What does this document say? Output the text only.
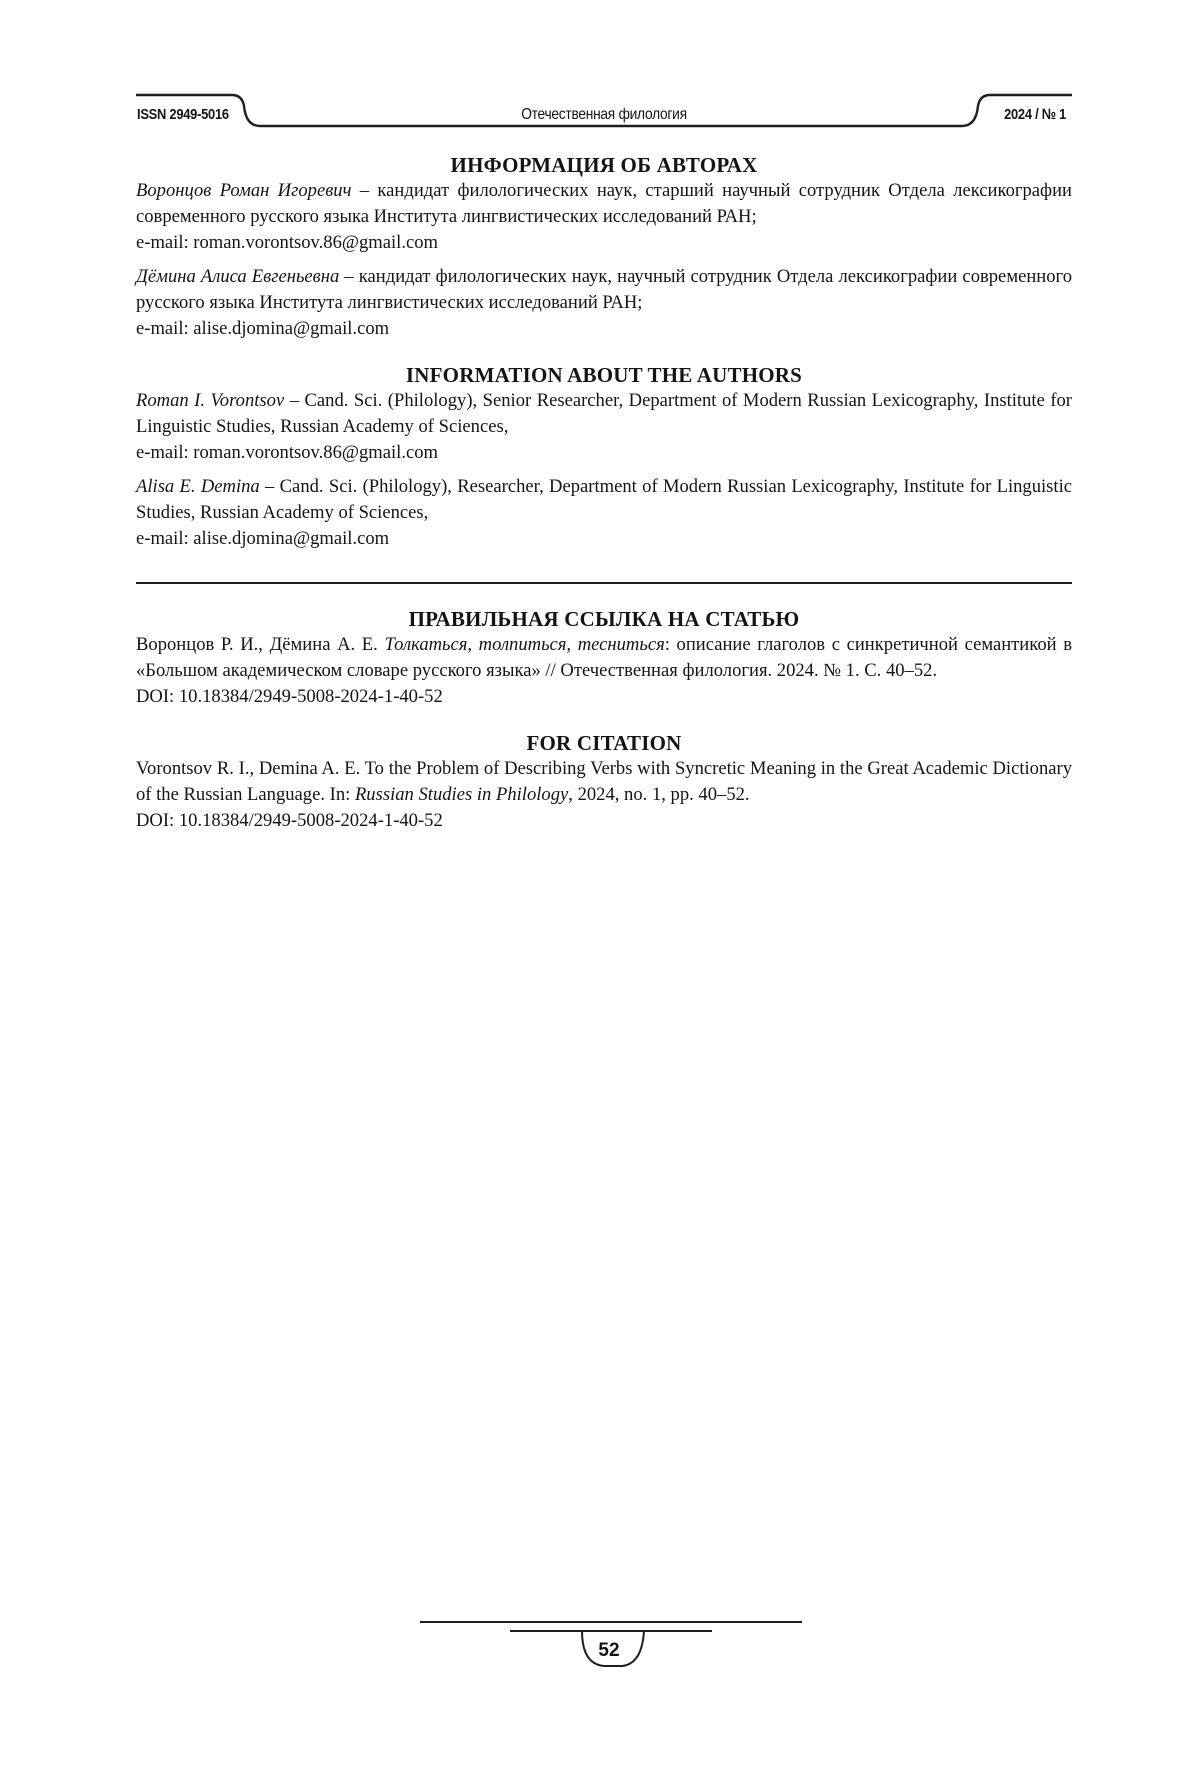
ISSN 2949-5016	Отечественная филология	2024 / № 1
ИНФОРМАЦИЯ ОБ АВТОРАХ

Воронцов Роман Игоревич – кандидат филологических наук, старший научный сотрудник Отдела лексикографии современного русского языка Института лингвистических исследований РАН;
e-mail: roman.vorontsov.86@gmail.com

Дёмина Алиса Евгеньевна – кандидат филологических наук, научный сотрудник Отдела лексикографии современного русского языка Института лингвистических исследований РАН;
e-mail: alise.djomina@gmail.com

INFORMATION ABOUT THE AUTHORS

Roman I. Vorontsov – Cand. Sci. (Philology), Senior Researcher, Department of Modern Russian Lexicography, Institute for Linguistic Studies, Russian Academy of Sciences,
e-mail: roman.vorontsov.86@gmail.com

Alisa E. Demina – Cand. Sci. (Philology), Researcher, Department of Modern Russian Lexicography, Institute for Linguistic Studies, Russian Academy of Sciences,
e-mail: alise.djomina@gmail.com

ПРАВИЛЬНАЯ ССЫЛКА НА СТАТЬЮ

Воронцов Р. И., Дёмина А. Е. Толкаться, толпиться, тесниться: описание глаголов с синкретичной семантикой в «Большом академическом словаре русского языка» // Отечественная филология. 2024. № 1. С. 40–52.
DOI: 10.18384/2949-5008-2024-1-40-52

FOR CITATION

Vorontsov R. I., Demina A. E. To the Problem of Describing Verbs with Syncretic Meaning in the Great Academic Dictionary of the Russian Language. In: Russian Studies in Philology, 2024, no. 1, pp. 40–52.
DOI: 10.18384/2949-5008-2024-1-40-52

52
